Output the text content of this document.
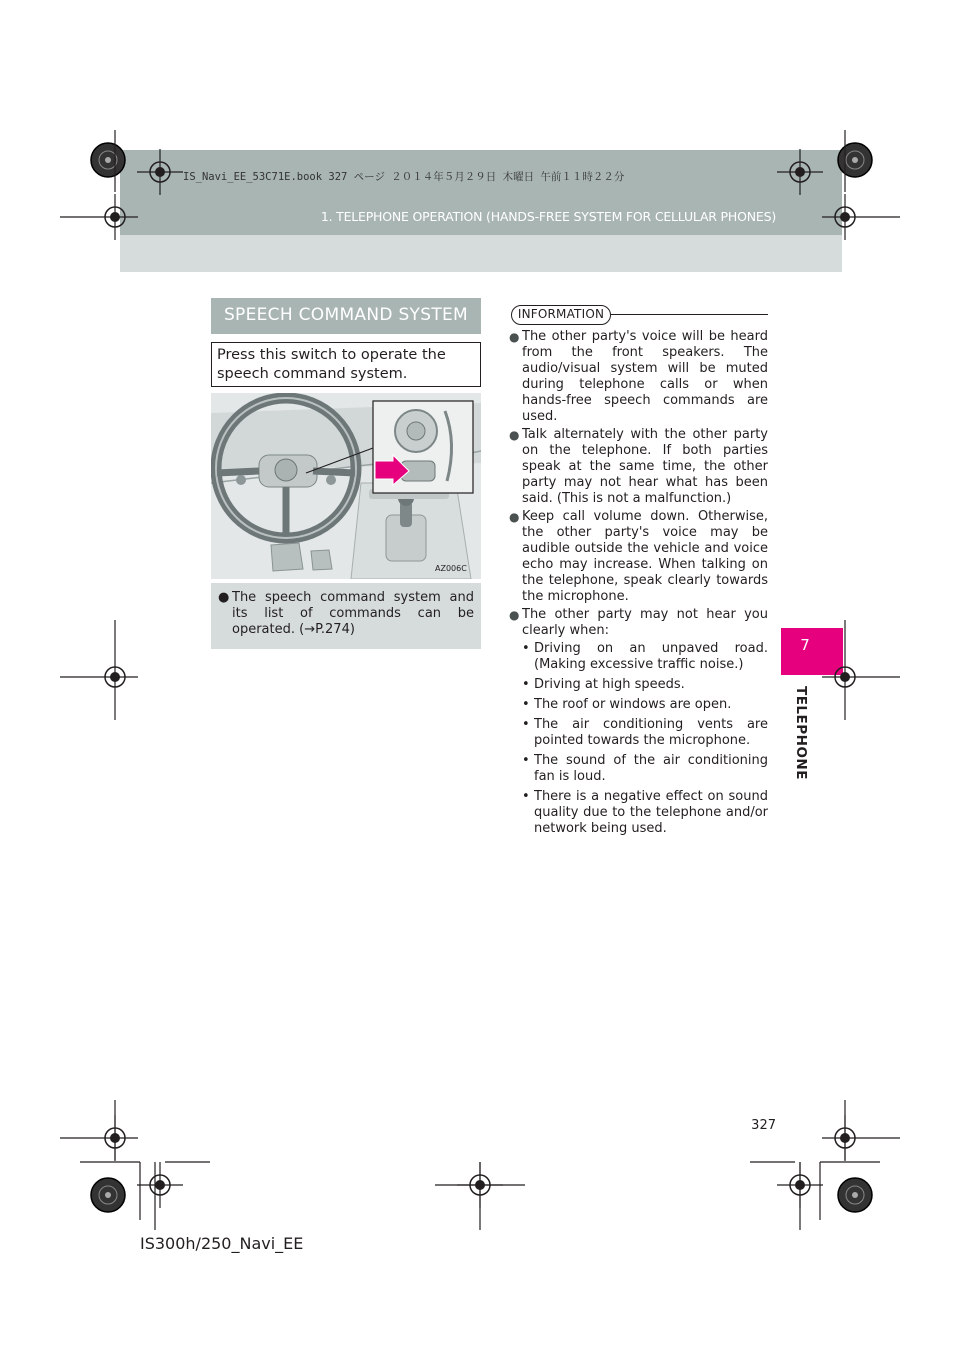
1. TELEPHONE OPERATION (HANDS-FREE SYSTEM FOR CELLULAR PHONES)
IS_Navi_EE_53C71E.book 327 ページ ２０１４年５月２９日 木曜日 午前１１時２２分
7
TELEPHONE
SPEECH COMMAND SYSTEM
Press this switch to operate the speech command system.
AZ006C
● The speech command system and its list of commands can be operated. (→P.274)
INFORMATION
● The other party's voice will be heard from the front speakers. The audio/visual system will be muted during telephone calls or when hands-free speech commands are used.
● Talk alternately with the other party on the telephone. If both parties speak at the same time, the other party may not hear what has been said. (This is not a malfunction.)
● Keep call volume down. Otherwise, the other party's voice may be audible outside the vehicle and voice echo may increase. When talking on the telephone, speak clearly towards the microphone.
● The other party may not hear you clearly when:
• Driving on an unpaved road. (Making excessive traffic noise.)
• Driving at high speeds.
• The roof or windows are open.
• The air conditioning vents are pointed towards the microphone.
• The sound of the air conditioning fan is loud.
• There is a negative effect on sound quality due to the telephone and/or network being used.
327
IS300h/250_Navi_EE
